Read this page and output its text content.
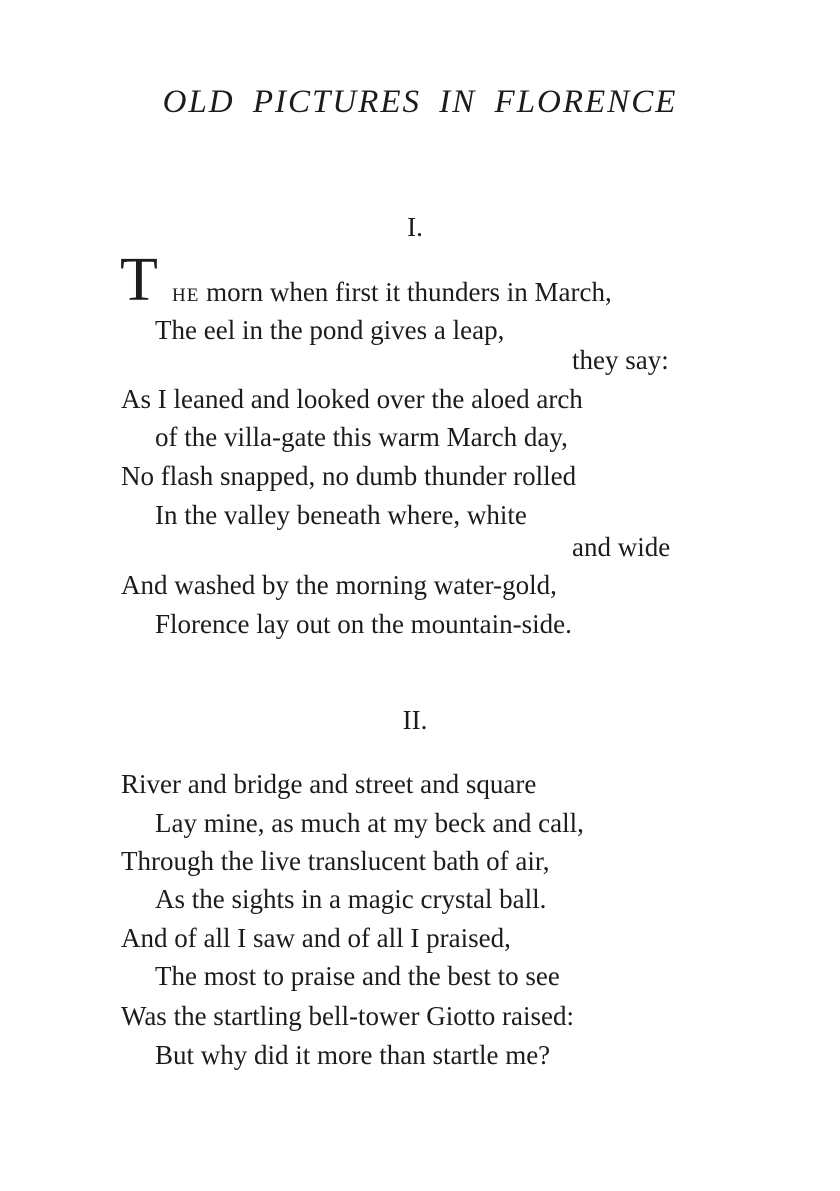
OLD PICTURES IN FLORENCE
I.
T HE morn when first it thunders in March,
The eel in the pond gives a leap,
they say:
As I leaned and looked over the aloed arch
of the villa-gate this warm March day,
No flash snapped, no dumb thunder rolled
In the valley beneath where, white
and wide
And washed by the morning water-gold,
Florence lay out on the mountain-side.
II.
River and bridge and street and square
Lay mine, as much at my beck and call,
Through the live translucent bath of air,
As the sights in a magic crystal ball.
And of all I saw and of all I praised,
The most to praise and the best to see
Was the startling bell-tower Giotto raised:
But why did it more than startle me?
